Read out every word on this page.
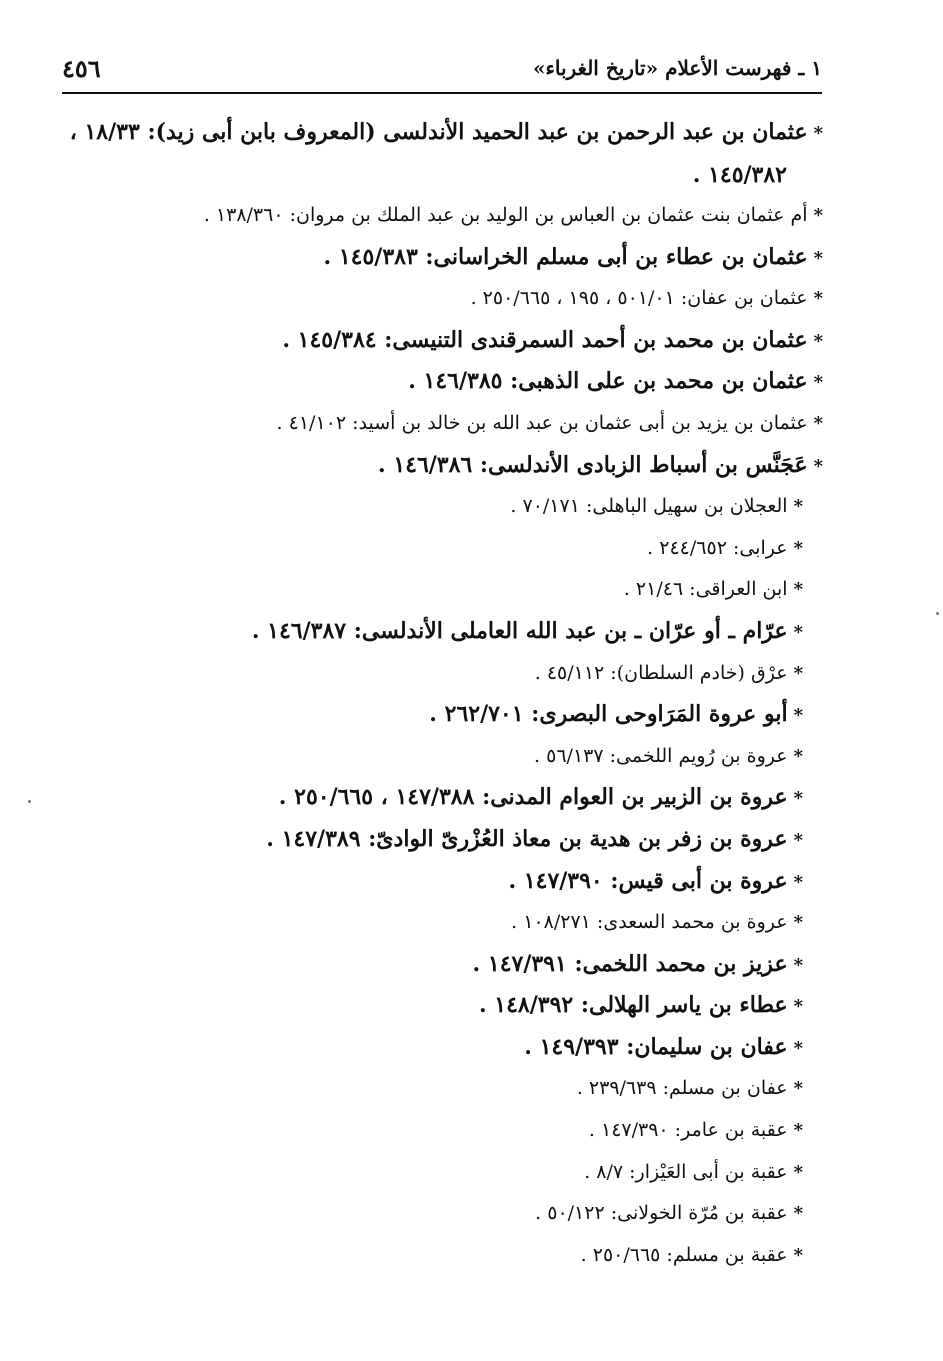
١ ـ فهرست الأعلام «تاريخ الغرباء»
٤٥٦
*عثمان بن عبد الرحمن بن عبد الحميد الأندلسى (المعروف بابن أبى زيد): ١٨/٣٣ ،
١٤٥/٣٨٢ .
*أم عثمان بنت عثمان بن العباس بن الوليد بن عبد الملك بن مروان: ١٣٨/٣٦٠ .
*عثمان بن عطاء بن أبى مسلم الخراسانى: ١٤٥/٣٨٣ .
*عثمان بن عفان: ٥٠١/٠١ ، ١٩٥ ، ٢٥٠/٦٦٥ .
*عثمان بن محمد بن أحمد السمرقندى التنيسى: ١٤٥/٣٨٤ .
*عثمان بن محمد بن على الذهبى: ١٤٦/٣٨٥ .
*عثمان بن يزيد بن أبى عثمان بن عبد الله بن خالد بن أسيد: ٤١/١٠٢ .
*عَجَنَّس بن أسباط الزبادى الأندلسى: ١٤٦/٣٨٦ .
*العجلان بن سهيل الباهلى: ٧٠/١٧١ .
*عرابى: ٢٤٤/٦٥٢ .
*ابن العراقى: ٢١/٤٦ .
*عرّام ـ أو عرّان ـ بن عبد الله العاملى الأندلسى: ١٤٦/٣٨٧ .
*عرْق (خادم السلطان): ٤٥/١١٢ .
*أبو عروة المَرَاوحى البصرى: ٢٦٢/٧٠١ .
*عروة بن رُويم اللخمى: ٥٦/١٣٧ .
*عروة بن الزبير بن العوام المدنى: ١٤٧/٣٨٨ ، ٢٥٠/٦٦٥ .
*عروة بن زفر بن هدية بن معاذ العُزْرىّ الوادىّ: ١٤٧/٣٨٩ .
*عروة بن أبى قيس: ١٤٧/٣٩٠ .
*عروة بن محمد السعدى: ١٠٨/٢٧١ .
*عزيز بن محمد اللخمى: ١٤٧/٣٩١ .
*عطاء بن ياسر الهلالى: ١٤٨/٣٩٢ .
*عفان بن سليمان: ١٤٩/٣٩٣ .
*عفان بن مسلم: ٢٣٩/٦٣٩ .
*عقبة بن عامر: ١٤٧/٣٩٠ .
*عقبة بن أبى العَيْزار: ٨/٧ .
*عقبة بن مُرّة الخولانى: ٥٠/١٢٢ .
*عقبة بن مسلم: ٢٥٠/٦٦٥ .
